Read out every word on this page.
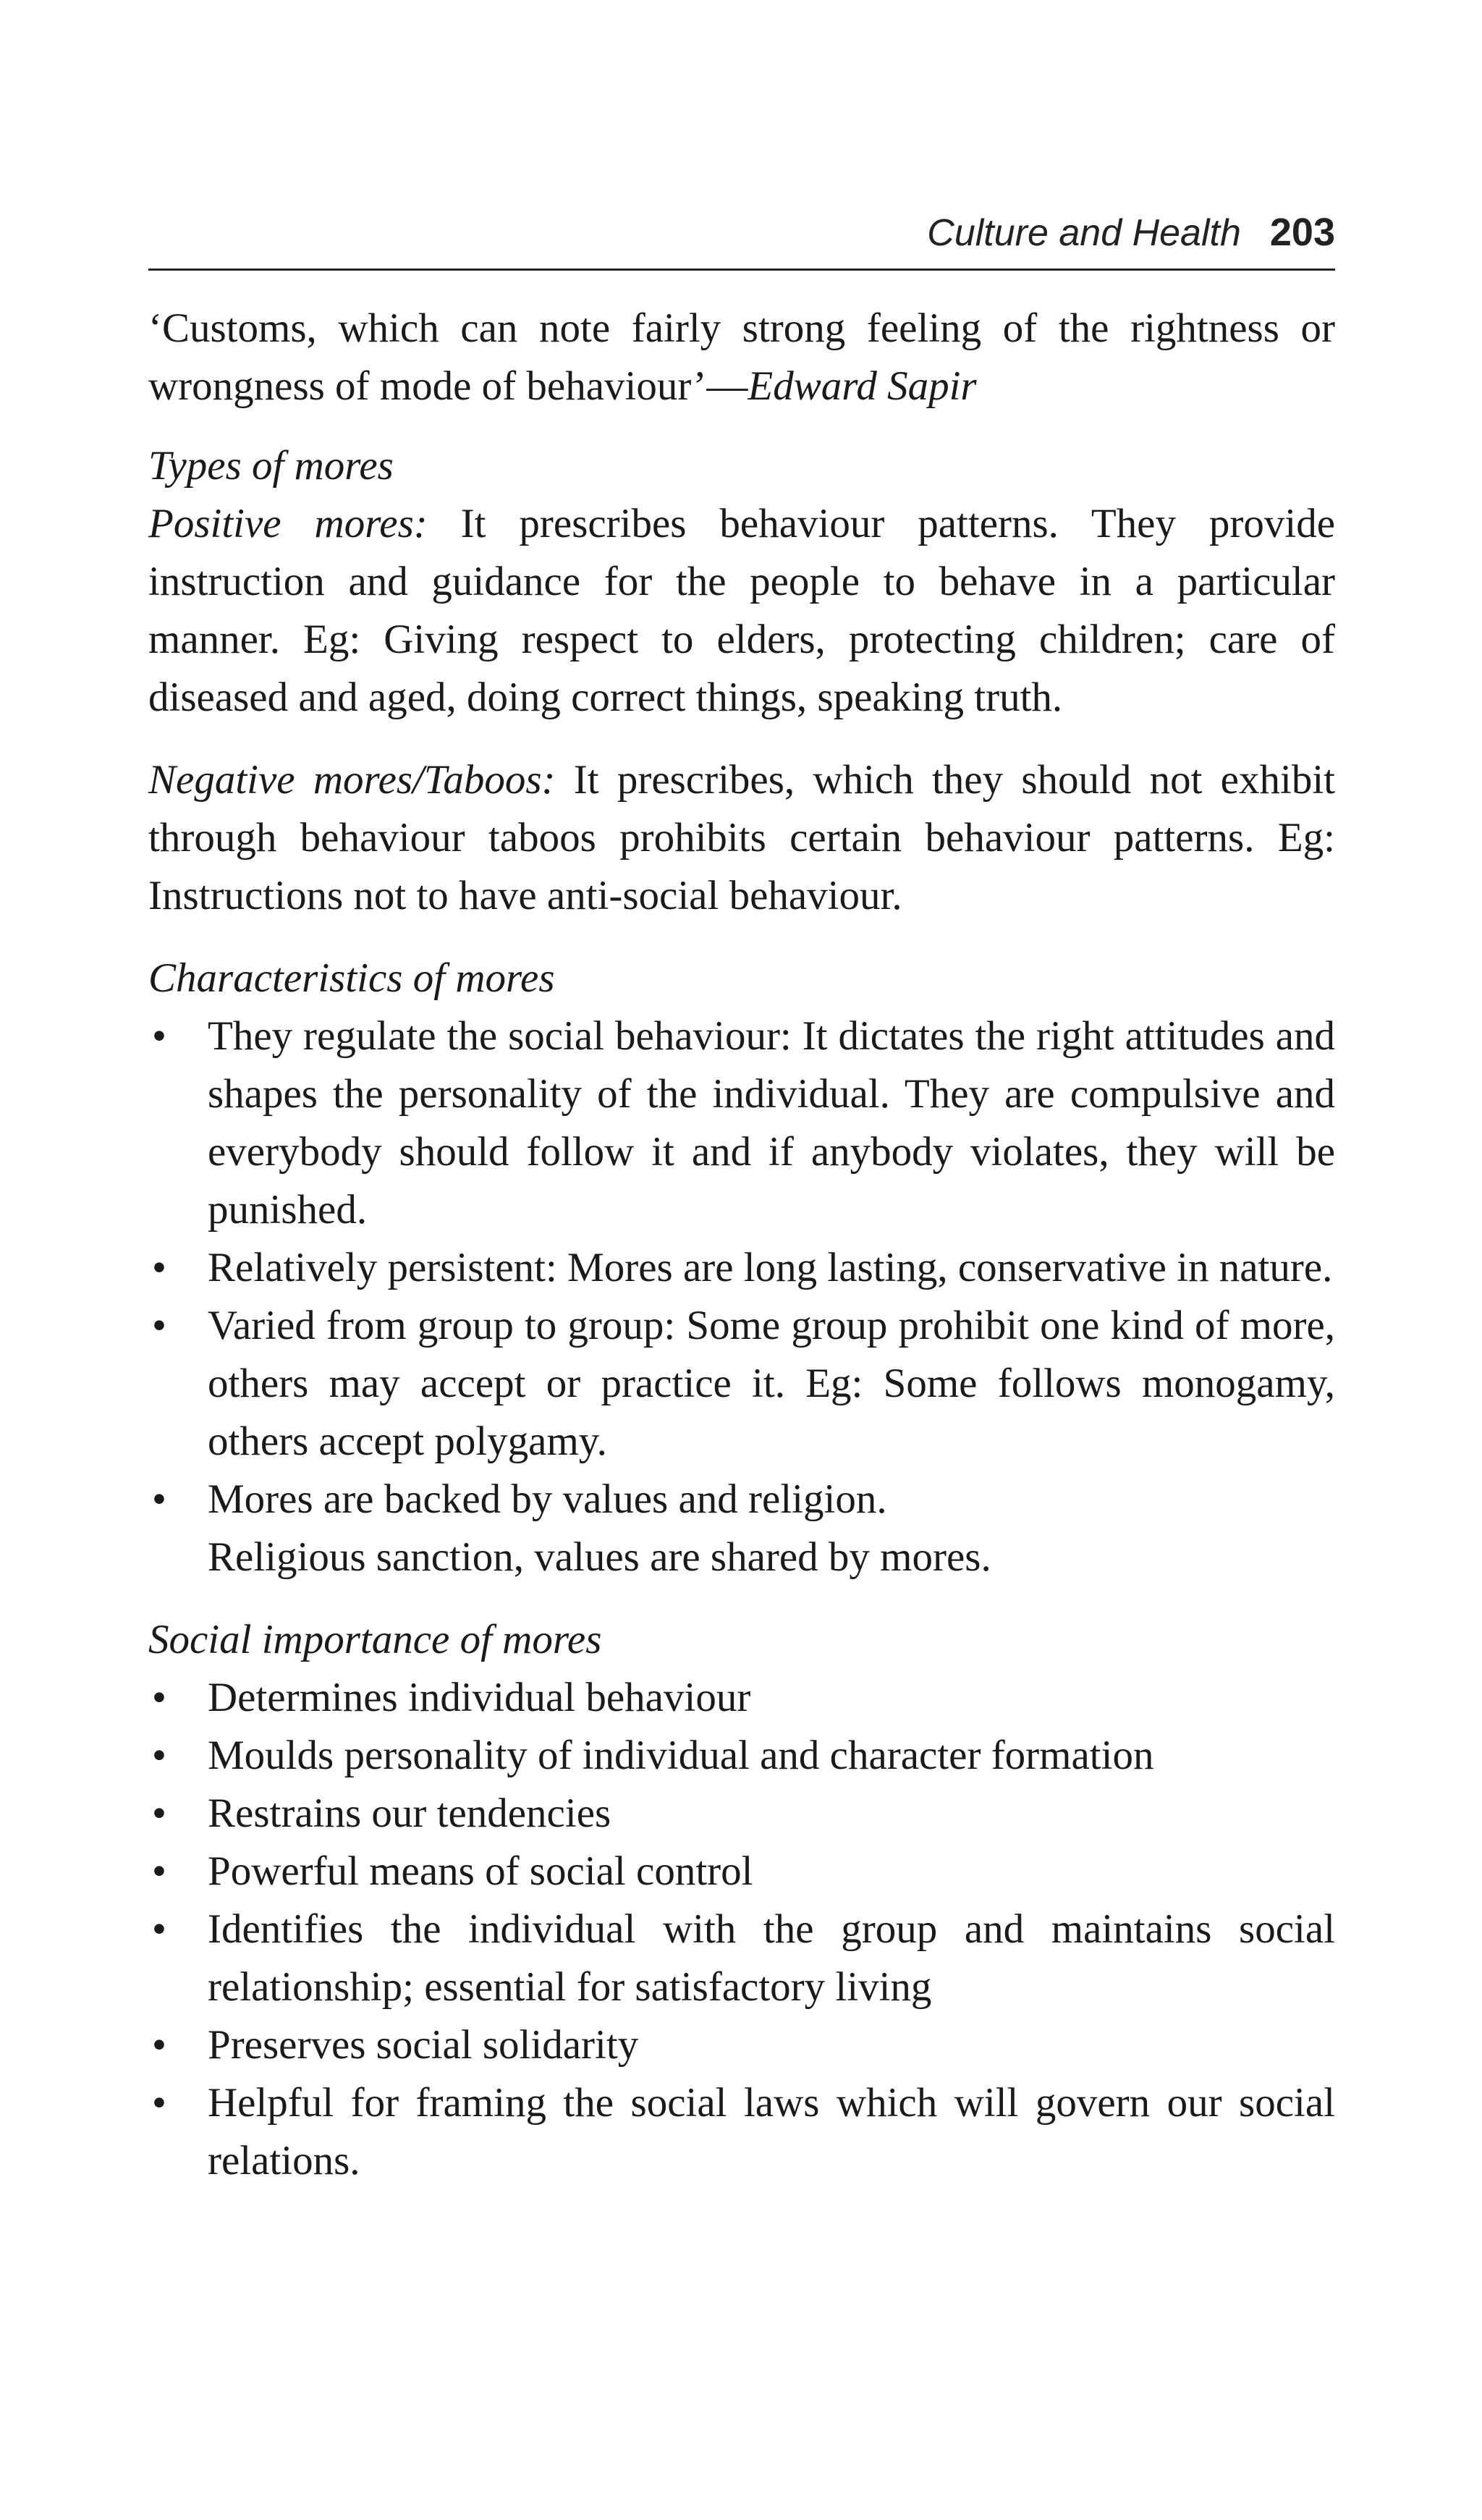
Culture and Health 203

‘Customs, which can note fairly strong feeling of the rightness or wrongness of mode of behaviour’—Edward Sapir

Types of mores

Positive mores: It prescribes behaviour patterns. They provide instruction and guidance for the people to behave in a particular manner. Eg: Giving respect to elders, protecting children; care of diseased and aged, doing correct things, speaking truth.

Negative mores/Taboos: It prescribes, which they should not exhibit through behaviour taboos prohibits certain behaviour patterns. Eg: Instructions not to have anti-social behaviour.

Characteristics of mores
• They regulate the social behaviour: It dictates the right attitudes and shapes the personality of the individual. They are compulsive and everybody should follow it and if anybody violates, they will be punished.
• Relatively persistent: Mores are long lasting, conservative in nature.
• Varied from group to group: Some group prohibit one kind of more, others may accept or practice it. Eg: Some follows monogamy, others accept polygamy.
• Mores are backed by values and religion.
Religious sanction, values are shared by mores.
Social importance of mores
• Determines individual behaviour
• Moulds personality of individual and character formation
• Restrains our tendencies
• Powerful means of social control
• Identifies the individual with the group and maintains social relationship; essential for satisfactory living
• Preserves social solidarity
• Helpful for framing the social laws which will govern our social relations.
